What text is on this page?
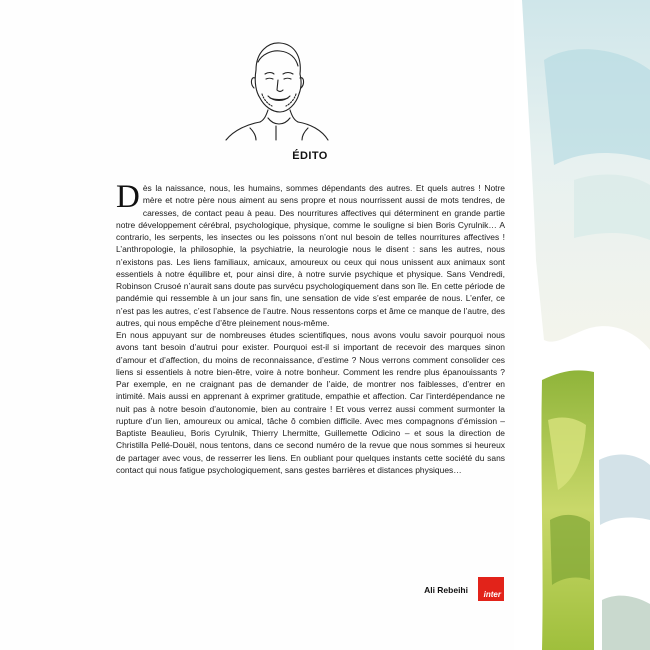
ÉDITO

Dès la naissance, nous, les humains, sommes dépendants des autres. Et quels autres ! Notre mère et notre père nous aiment au sens propre et nous nourrissent aussi de mots tendres, de caresses, de contact peau à peau. Des nourritures affectives qui déterminent en grande partie notre développement cérébral, psychologique, physique, comme le souligne si bien Boris Cyrulnik… A contrario, les serpents, les insectes ou les poissons n’ont nul besoin de telles nourritures affectives ! L’anthropologie, la philosophie, la psychiatrie, la neurologie nous le disent : sans les autres, nous n’existons pas. Les liens familiaux, amicaux, amoureux ou ceux qui nous unissent aux animaux sont essentiels à notre équilibre et, pour ainsi dire, à notre survie psychique et physique. Sans Vendredi, Robinson Crusoé n’aurait sans doute pas survécu psychologiquement dans son île. En cette période de pandémie qui ressemble à un jour sans fin, une sensation de vide s’est emparée de nous. L’enfer, ce n’est pas les autres, c’est l’absence de l’autre. Nous ressentons corps et âme ce manque de l’autre, des autres, qui nous empêche d’être pleinement nous-même.

En nous appuyant sur de nombreuses études scientifiques, nous avons voulu savoir pourquoi nous avons tant besoin d’autrui pour exister. Pourquoi est-il si important de recevoir des marques sinon d’amour et d’affection, du moins de reconnaissance, d’estime ? Nous verrons comment consolider ces liens si essentiels à notre bien-être, voire à notre bonheur. Comment les rendre plus épanouissants ? Par exemple, en ne craignant pas de demander de l’aide, de montrer nos faiblesses, d’entrer en intimité. Mais aussi en apprenant à exprimer gratitude, empathie et affection. Car l’interdépendance ne nuit pas à notre besoin d’autonomie, bien au contraire ! Et vous verrez aussi comment surmonter la rupture d’un lien, amoureux ou amical, tâche ô combien difficile. Avec mes compagnons d’émission – Baptiste Beaulieu, Boris Cyrulnik, Thierry Lhermitte, Guillemette Odicino – et sous la direction de Christilla Pellé-Douël, nous tentons, dans ce second numéro de la revue que nous sommes si heureux de partager avec vous, de resserrer les liens. En oubliant pour quelques instants cette société du sans contact qui nous fatigue psychologiquement, sans gestes barrières et distances physiques…

Ali Rebeihi inter
